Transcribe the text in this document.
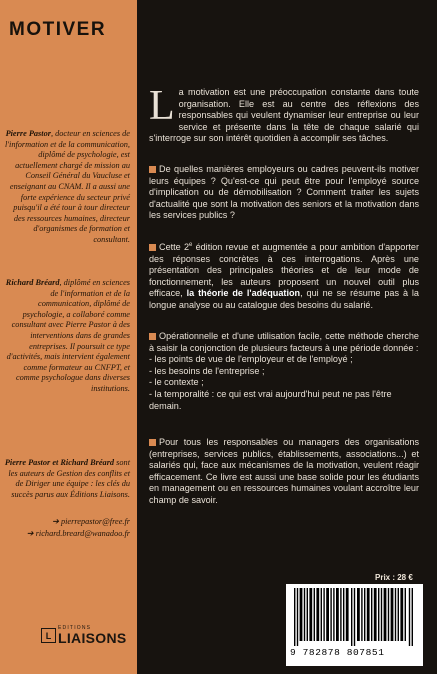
MOTIVER
Pierre Pastor, docteur en sciences de l'information et de la communication, diplômé de psychologie, est actuellement chargé de mission au Conseil Général du Vaucluse et enseignant au CNAM. Il a aussi une forte expérience du secteur privé puisqu'il a été tour à tour directeur des ressources humaines, directeur d'organismes de formation et consultant.
Richard Bréard, diplômé en sciences de l'information et de la communication, diplômé de psychologie, a collaboré comme consultant avec Pierre Pastor à des interventions dans de grandes entreprises. Il poursuit ce type d'activités, mais intervient également comme formateur au CNFPT, et comme psychologue dans diverses institutions.
Pierre Pastor et Richard Bréard sont les auteurs de Gestion des conflits et de Diriger une équipe : les clés du succès parus aux Éditions Liaisons.
➔ pierrepastor@free.fr
➔ richard.breard@wanadoo.fr
L
EDITIONS
LIAISONS
La motivation est une préoccupation constante dans toute organisation. Elle est au centre des réflexions des responsables qui veulent dynamiser leur entreprise ou leur service et présente dans la tête de chaque salarié qui s'interroge sur son intérêt quotidien à accomplir ses tâches.
De quelles manières employeurs ou cadres peuvent-ils motiver leurs équipes ? Qu'est-ce qui peut être pour l'employé source d'implication ou de démobilisation ? Comment traiter les sujets d'actualité que sont la motivation des seniors et la motivation dans les services publics ?
Cette 2e édition revue et augmentée a pour ambition d'apporter des réponses concrètes à ces interrogations. Après une présentation des principales théories et de leur mode de fonctionnement, les auteurs proposent un nouvel outil plus efficace, la théorie de l'adéquation, qui ne se résume pas à la longue analyse ou au catalogue des besoins du salarié.
Opérationnelle et d'une utilisation facile, cette méthode cherche à saisir la conjonction de plusieurs facteurs à une période donnée :
- les points de vue de l'employeur et de l'employé ;
- les besoins de l'entreprise ;
- le contexte ;
- la temporalité : ce qui est vrai aujourd'hui peut ne pas l'être demain.
Pour tous les responsables ou managers des organisations (entreprises, services publics, établissements, associations...) et salariés qui, face aux mécanismes de la motivation, veulent réagir efficacement. Ce livre est aussi une base solide pour les étudiants en management ou en ressources humaines voulant accroître leur champ de savoir.
Prix : 28 €
9 782878 807851
